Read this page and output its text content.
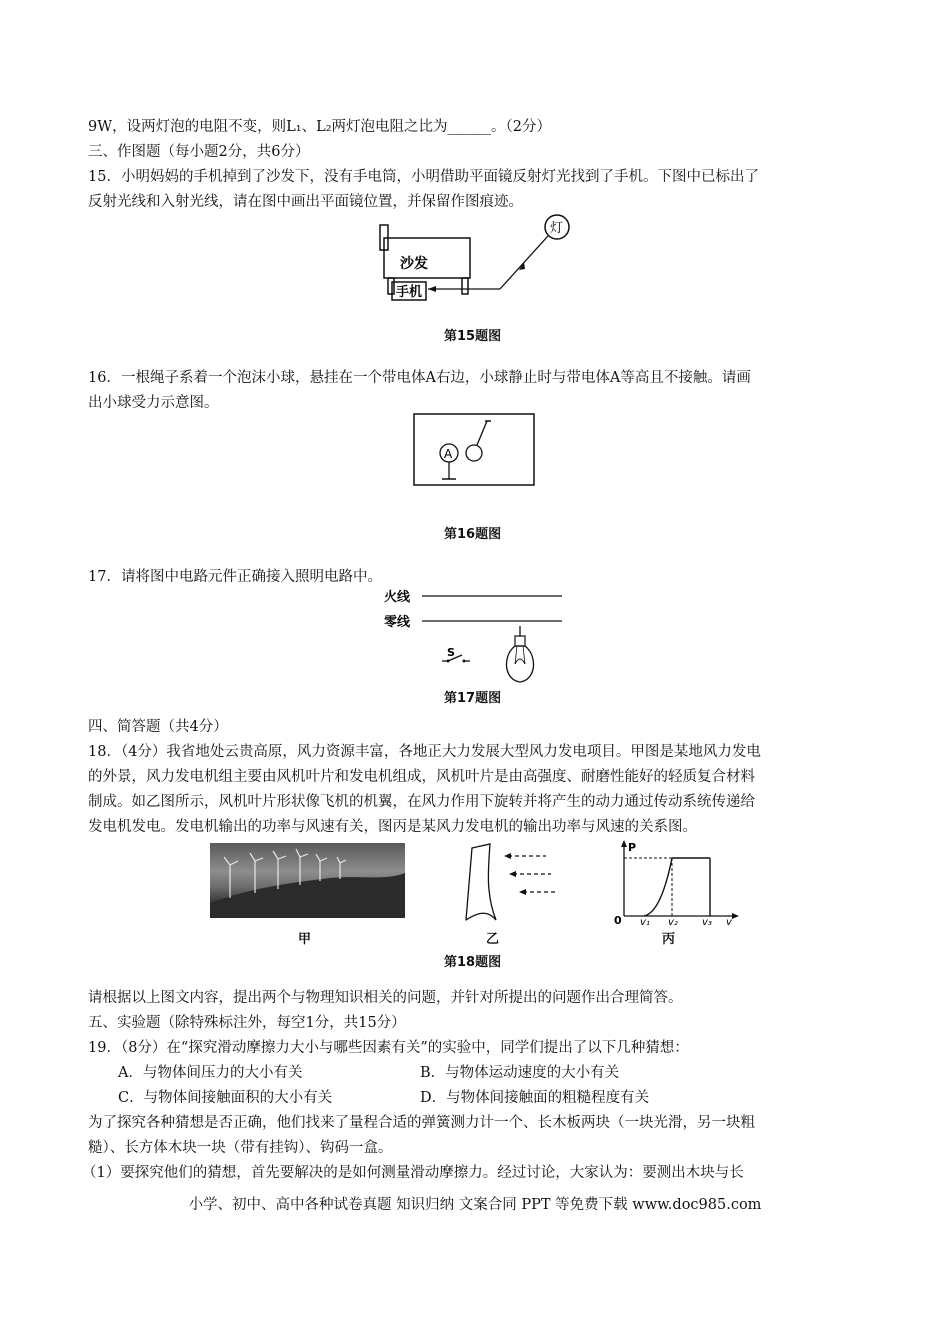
9W，设两灯泡的电阻不变，则L₁、L₂两灯泡电阻之比为______。（2分）
三、作图题（每小题2分，共6分）
15．小明妈妈的手机掉到了沙发下，没有手电筒，小明借助平面镜反射灯光找到了手机。下图中已标出了
反射光线和入射光线，请在图中画出平面镜位置，并保留作图痕迹。
沙发
手机
灯
第15题图
16．一根绳子系着一个泡沫小球，悬挂在一个带电体A右边，小球静止时与带电体A等高且不接触。请画
出小球受力示意图。
A
第16题图
17．请将图中电路元件正确接入照明电路中。
火线
零线
S
第17题图
四、简答题（共4分）
18．（4分）我省地处云贵高原，风力资源丰富，各地正大力发展大型风力发电项目。甲图是某地风力发电
的外景，风力发电机组主要由风机叶片和发电机组成，风机叶片是由高强度、耐磨性能好的轻质复合材料
制成。如乙图所示，风机叶片形状像飞机的机翼，在风力作用下旋转并将产生的动力通过传动系统传递给
发电机发电。发电机输出的功率与风速有关，图丙是某风力发电机的输出功率与风速的关系图。
P
0 v₁ v₂ v₃ v
甲	乙	丙
第18题图
请根据以上图文内容，提出两个与物理知识相关的问题，并针对所提出的问题作出合理简答。
五、实验题（除特殊标注外，每空1分，共15分）
19．（8分）在“探究滑动摩擦力大小与哪些因素有关”的实验中，同学们提出了以下几种猜想：
A．与物体间压力的大小有关	B．与物体运动速度的大小有关
C．与物体间接触面积的大小有关	D．与物体间接触面的粗糙程度有关
为了探究各种猜想是否正确，他们找来了量程合适的弹簧测力计一个、长木板两块（一块光滑，另一块粗
糙）、长方体木块一块（带有挂钩）、钩码一盒。
（1）要探究他们的猜想，首先要解决的是如何测量滑动摩擦力。经过讨论，大家认为：要测出木块与长
小学、初中、高中各种试卷真题 知识归纳 文案合同 PPT 等免费下载 www.doc985.com
